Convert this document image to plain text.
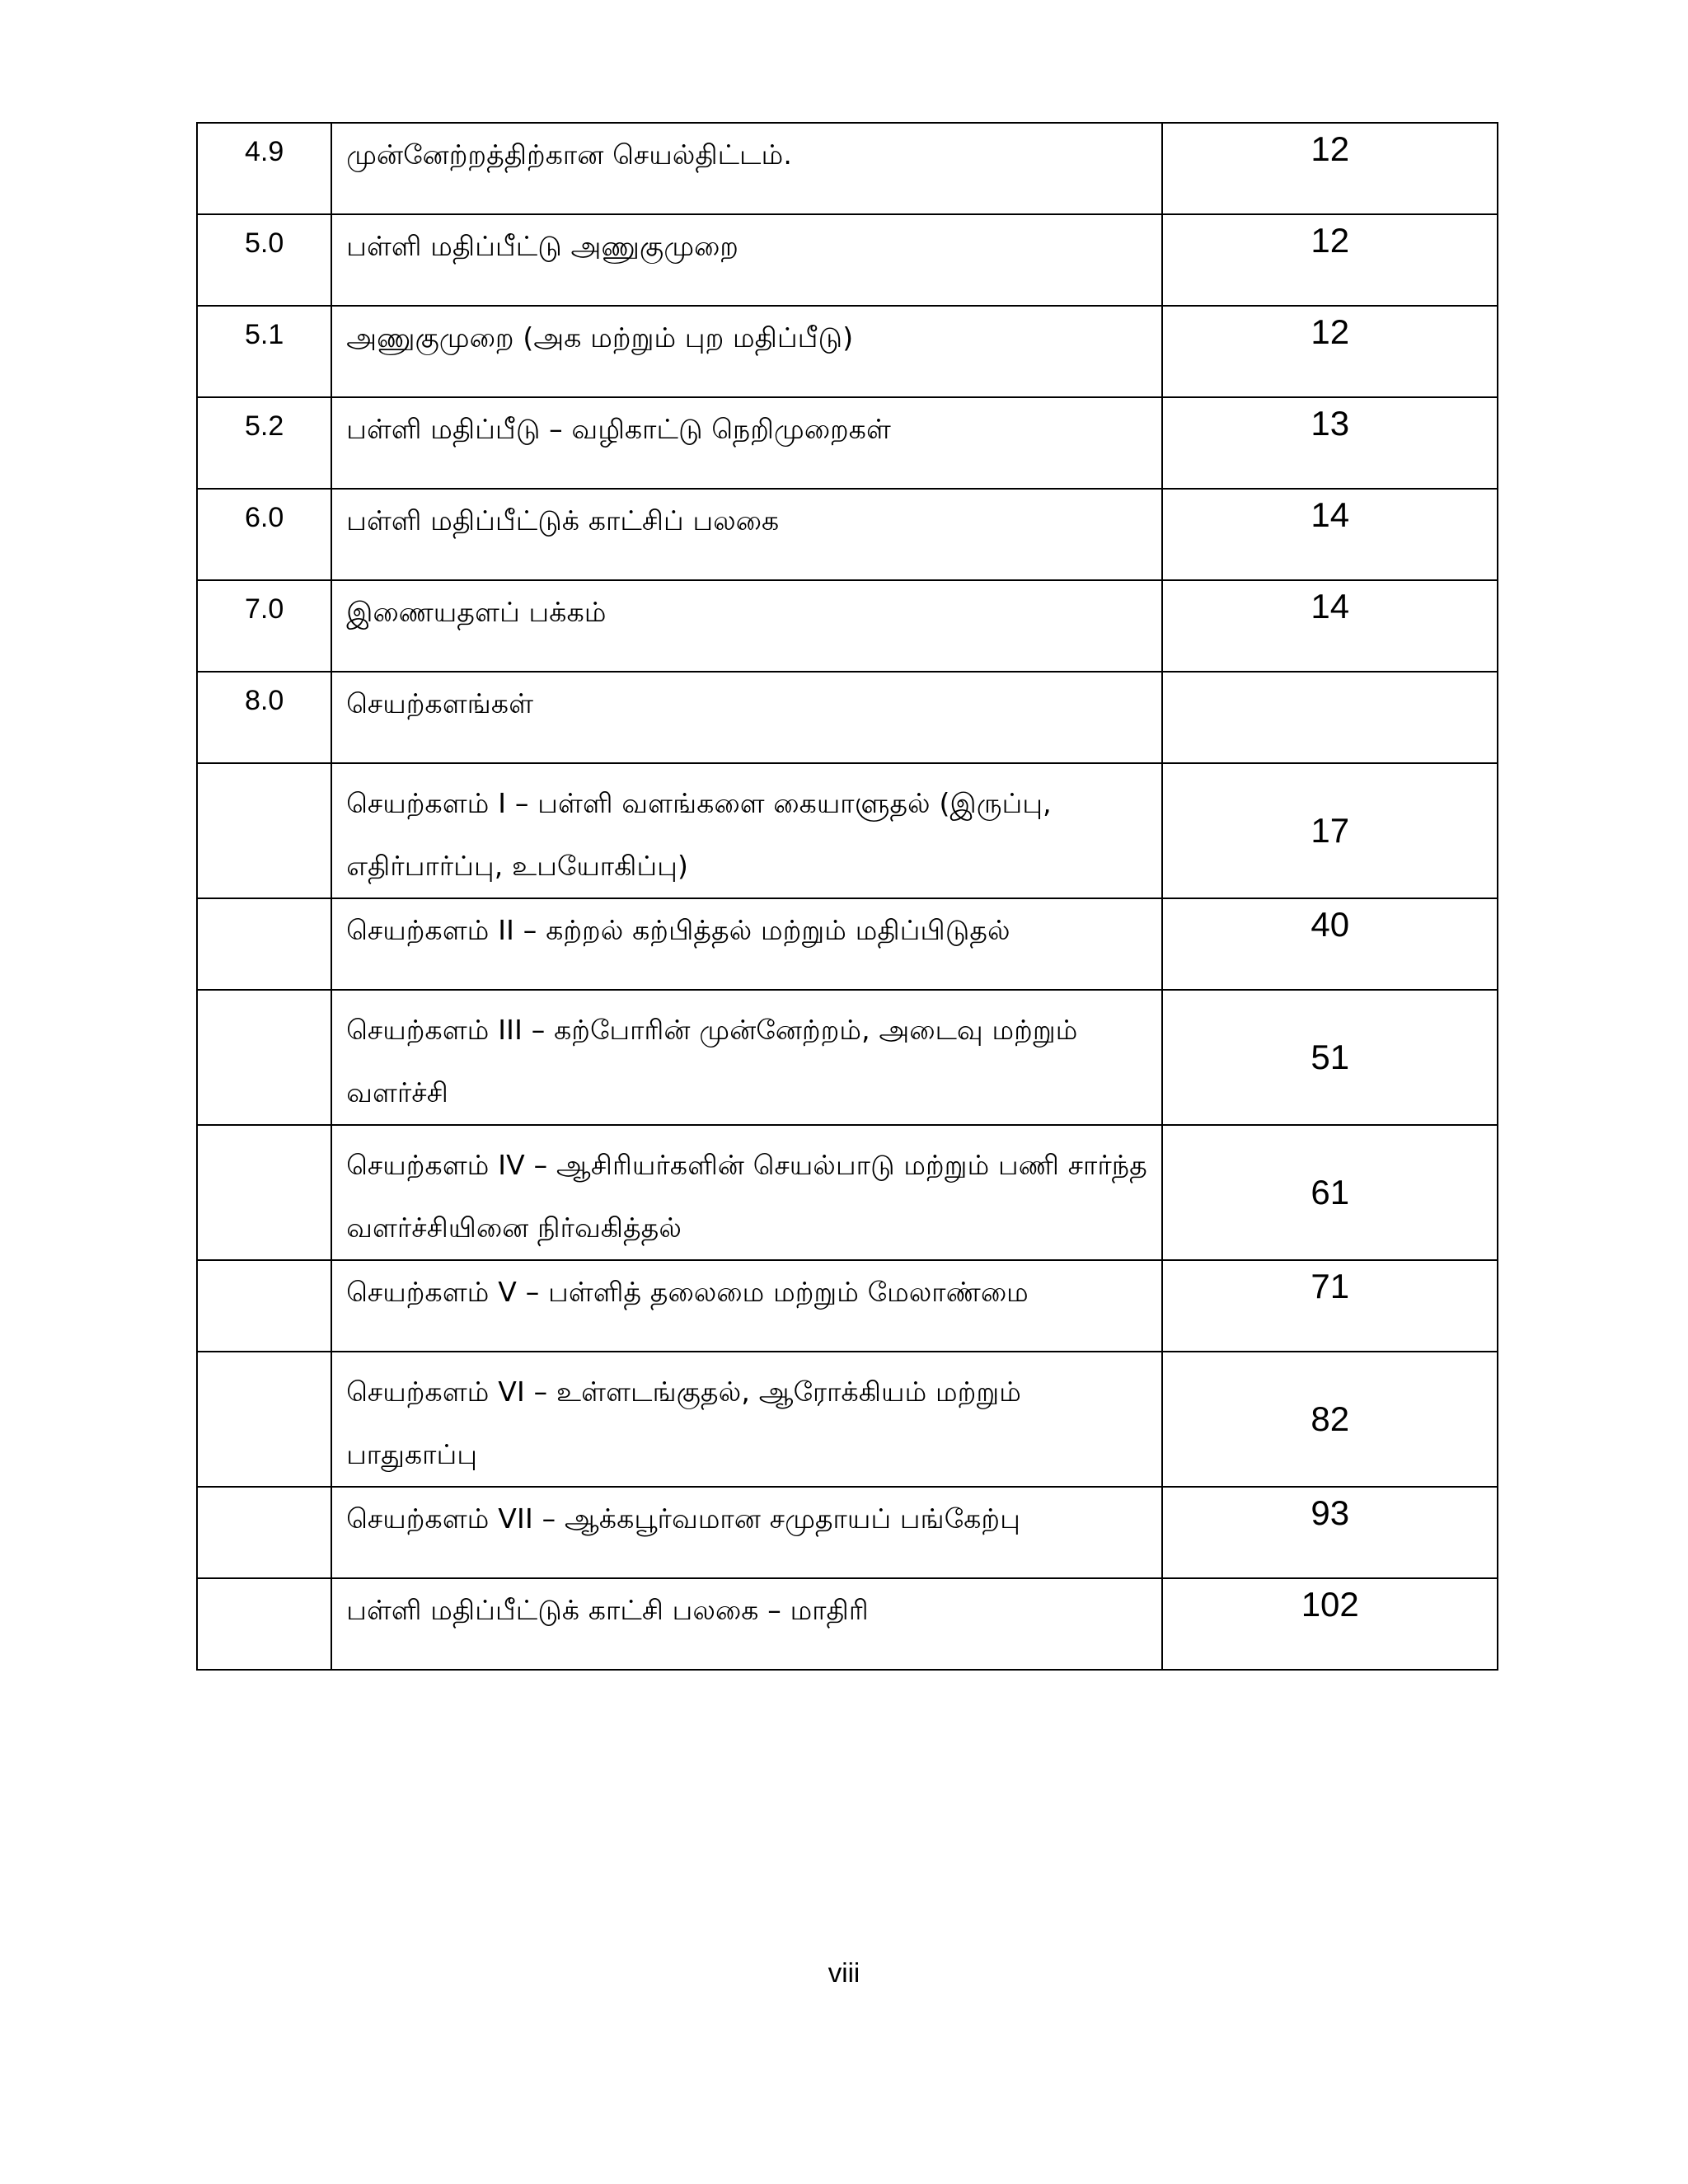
4.9	முன்னேற்றத்திற்கான செயல்திட்டம்.	12
5.0	பள்ளி மதிப்பீட்டு அணுகுமுறை	12
5.1	அணுகுமுறை (அக மற்றும் புற மதிப்பீடு)	12
5.2	பள்ளி மதிப்பீடு – வழிகாட்டு நெறிமுறைகள்	13
6.0	பள்ளி மதிப்பீட்டுக் காட்சிப் பலகை	14
7.0	இணையதளப் பக்கம்	14
8.0	செயற்களங்கள்	
	செயற்களம் I – பள்ளி வளங்களை கையாளுதல் (இருப்பு, எதிர்பார்ப்பு, உபயோகிப்பு)	17
	செயற்களம் II – கற்றல் கற்பித்தல் மற்றும் மதிப்பிடுதல்	40
	செயற்களம் III – கற்போரின் முன்னேற்றம், அடைவு மற்றும் வளர்ச்சி	51
	செயற்களம் IV – ஆசிரியர்களின் செயல்பாடு மற்றும் பணி சார்ந்த வளர்ச்சியினை நிர்வகித்தல்	61
	செயற்களம் V – பள்ளித் தலைமை மற்றும் மேலாண்மை	71
	செயற்களம் VI – உள்ளடங்குதல், ஆரோக்கியம் மற்றும் பாதுகாப்பு	82
	செயற்களம் VII – ஆக்கபூர்வமான சமுதாயப் பங்கேற்பு	93
	பள்ளி மதிப்பீட்டுக் காட்சி பலகை – மாதிரி	102
viii
